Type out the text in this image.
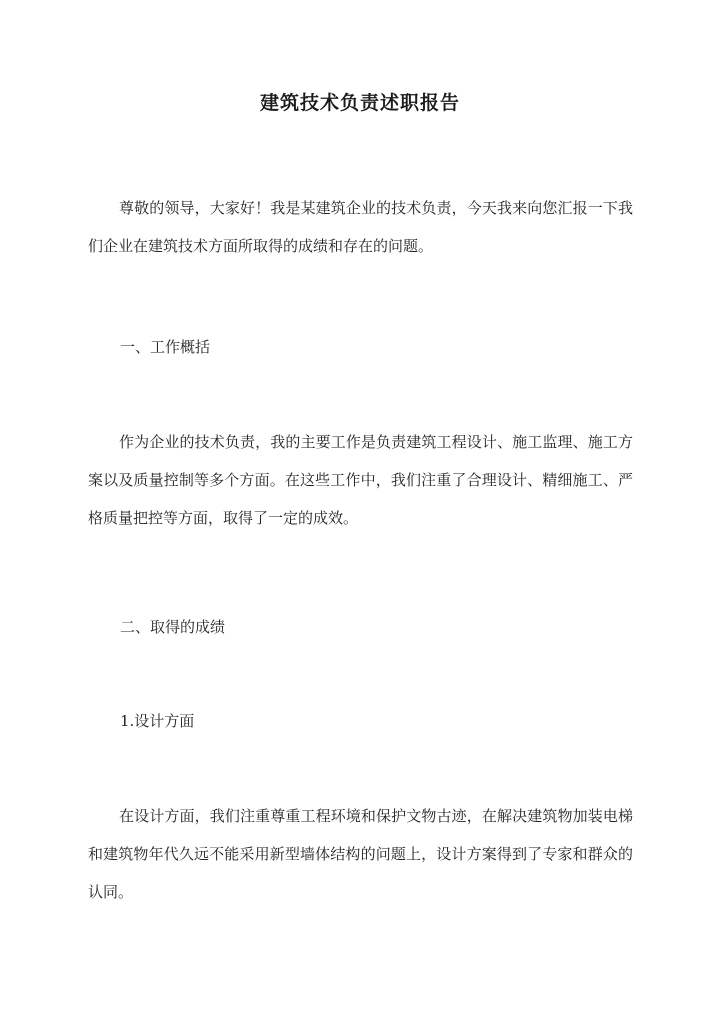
建筑技术负责述职报告

尊敬的领导，大家好！我是某建筑企业的技术负责，今天我来向您汇报一下我们企业在建筑技术方面所取得的成绩和存在的问题。

一、工作概括

作为企业的技术负责，我的主要工作是负责建筑工程设计、施工监理、施工方案以及质量控制等多个方面。在这些工作中，我们注重了合理设计、精细施工、严格质量把控等方面，取得了一定的成效。

二、取得的成绩

1.设计方面

在设计方面，我们注重尊重工程环境和保护文物古迹，在解决建筑物加装电梯和建筑物年代久远不能采用新型墙体结构的问题上，设计方案得到了专家和群众的认同。
